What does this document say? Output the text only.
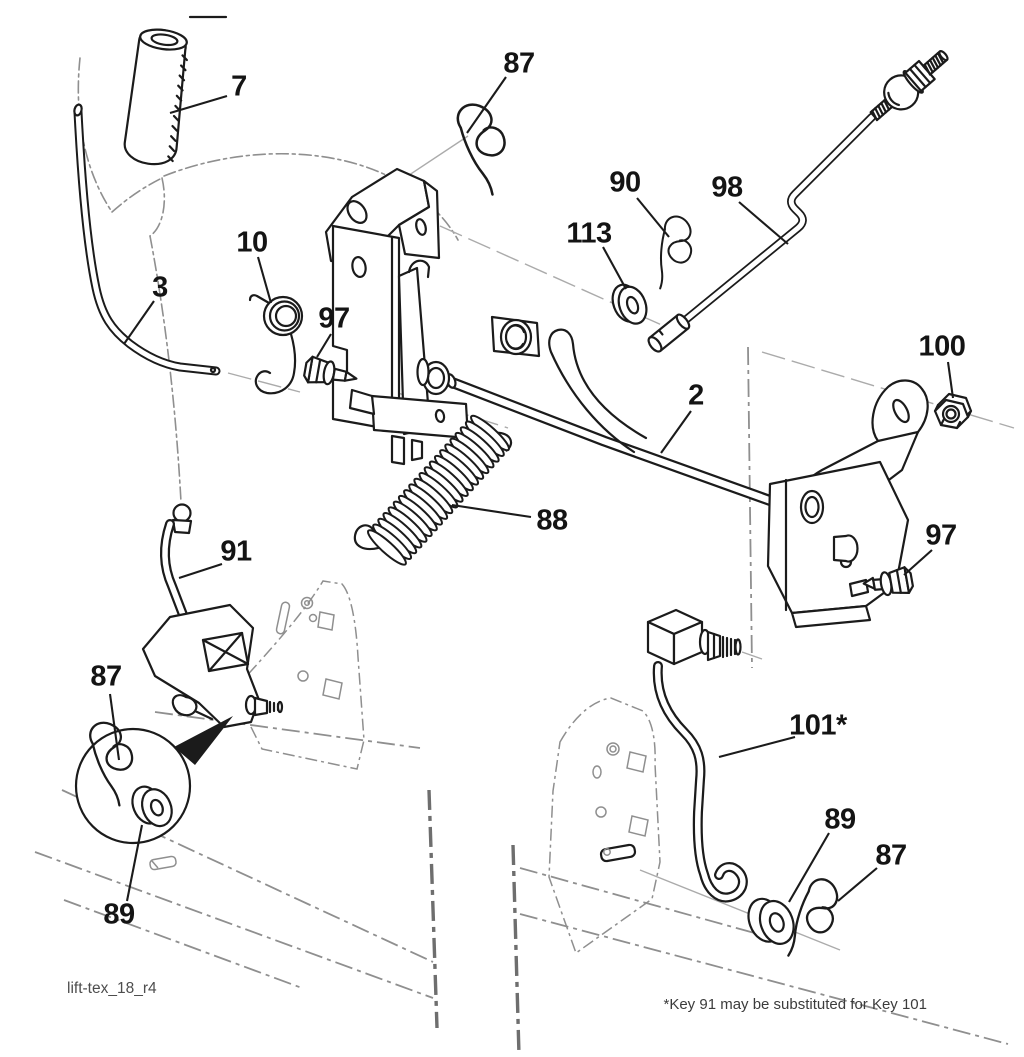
7
87
90 98
113
10
3
97
2
100
88
91	97
87
89
101*
89
87
lift-tex_18_r4
*Key 91 may be substituted for Key 101
